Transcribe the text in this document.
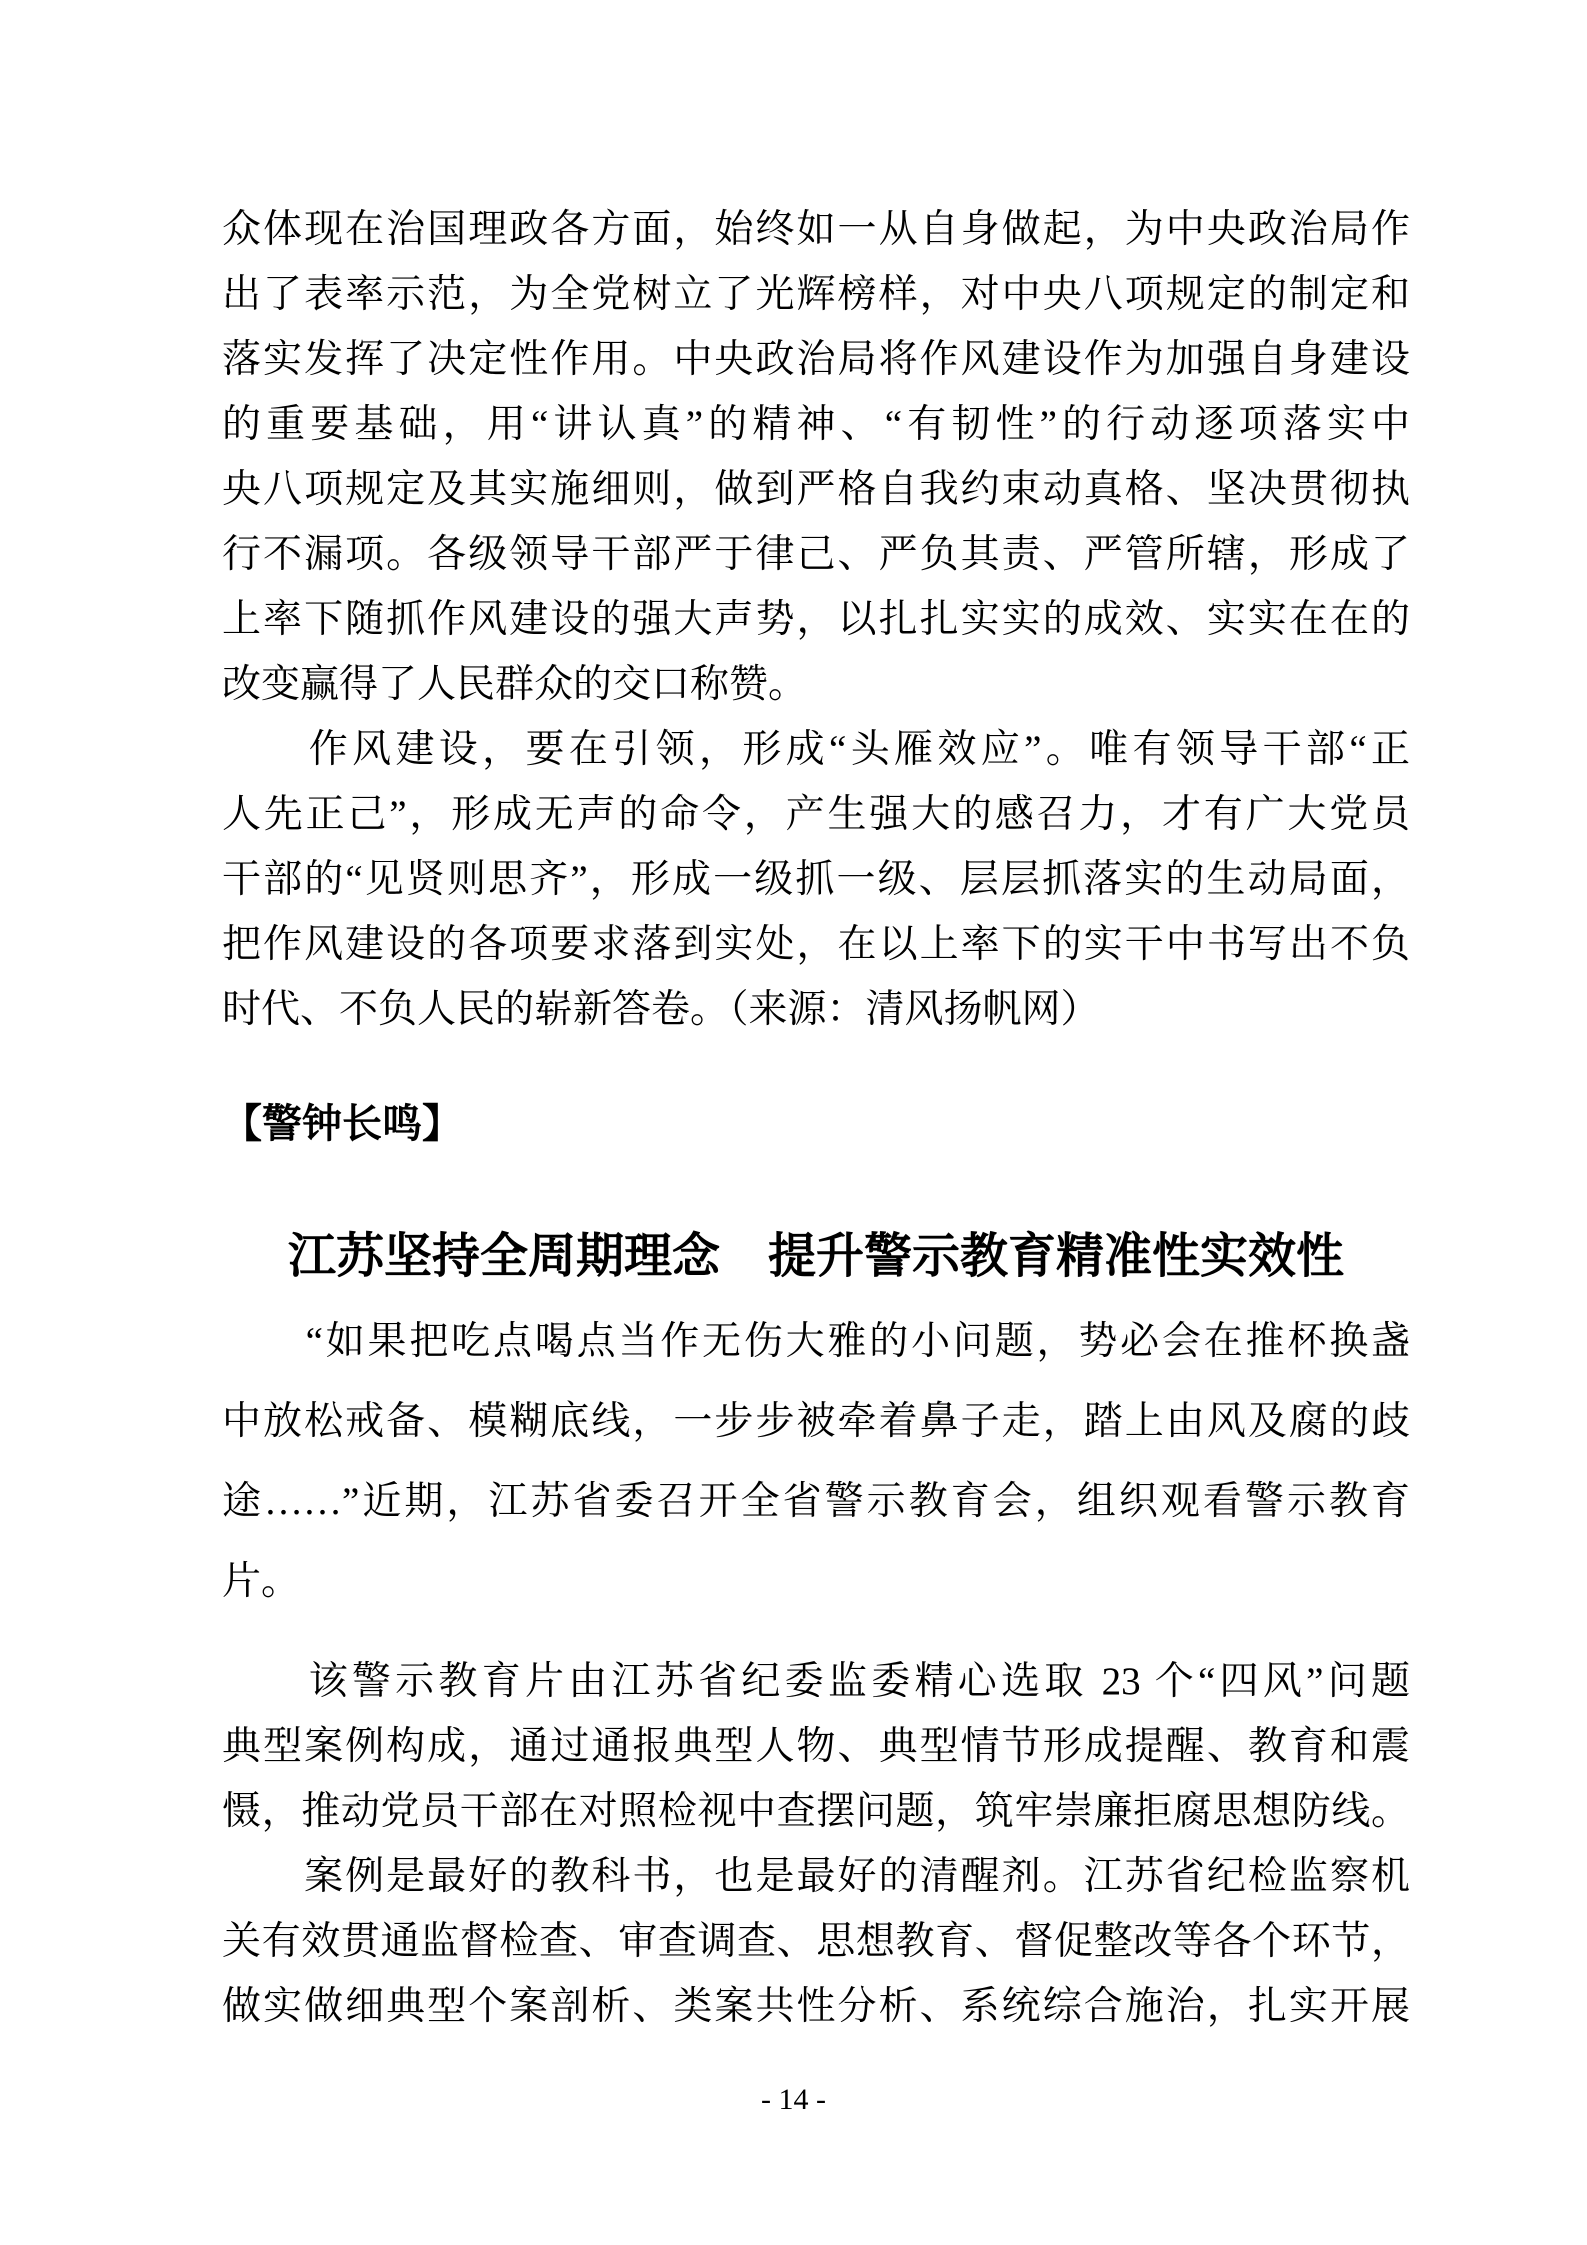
众体现在治国理政各方面，始终如一从自身做起，为中央政治局作
出了表率示范，为全党树立了光辉榜样，对中央八项规定的制定和
落实发挥了决定性作用。中央政治局将作风建设作为加强自身建设
的重要基础，用“讲认真”的精神、“有韧性”的行动逐项落实中
央八项规定及其实施细则，做到严格自我约束动真格、坚决贯彻执
行不漏项。各级领导干部严于律己、严负其责、严管所辖，形成了
上率下随抓作风建设的强大声势，以扎扎实实的成效、实实在在的
改变赢得了人民群众的交口称赞。
　　作风建设，要在引领，形成“头雁效应”。唯有领导干部“正
人先正己”，形成无声的命令，产生强大的感召力，才有广大党员
干部的“见贤则思齐”，形成一级抓一级、层层抓落实的生动局面，
把作风建设的各项要求落到实处，在以上率下的实干中书写出不负
时代、不负人民的崭新答卷。（来源：清风扬帆网）
【警钟长鸣】
江苏坚持全周期理念　提升警示教育精准性实效性
　　“如果把吃点喝点当作无伤大雅的小问题，势必会在推杯换盏
中放松戒备、模糊底线，一步步被牵着鼻子走，踏上由风及腐的歧
途……”近期，江苏省委召开全省警示教育会，组织观看警示教育
片。
　　该警示教育片由江苏省纪委监委精心选取 23 个“四风”问题
典型案例构成，通过通报典型人物、典型情节形成提醒、教育和震
慑，推动党员干部在对照检视中查摆问题，筑牢崇廉拒腐思想防线。
　　案例是最好的教科书，也是最好的清醒剂。江苏省纪检监察机
关有效贯通监督检查、审查调查、思想教育、督促整改等各个环节，
做实做细典型个案剖析、类案共性分析、系统综合施治，扎实开展
- 14 -
